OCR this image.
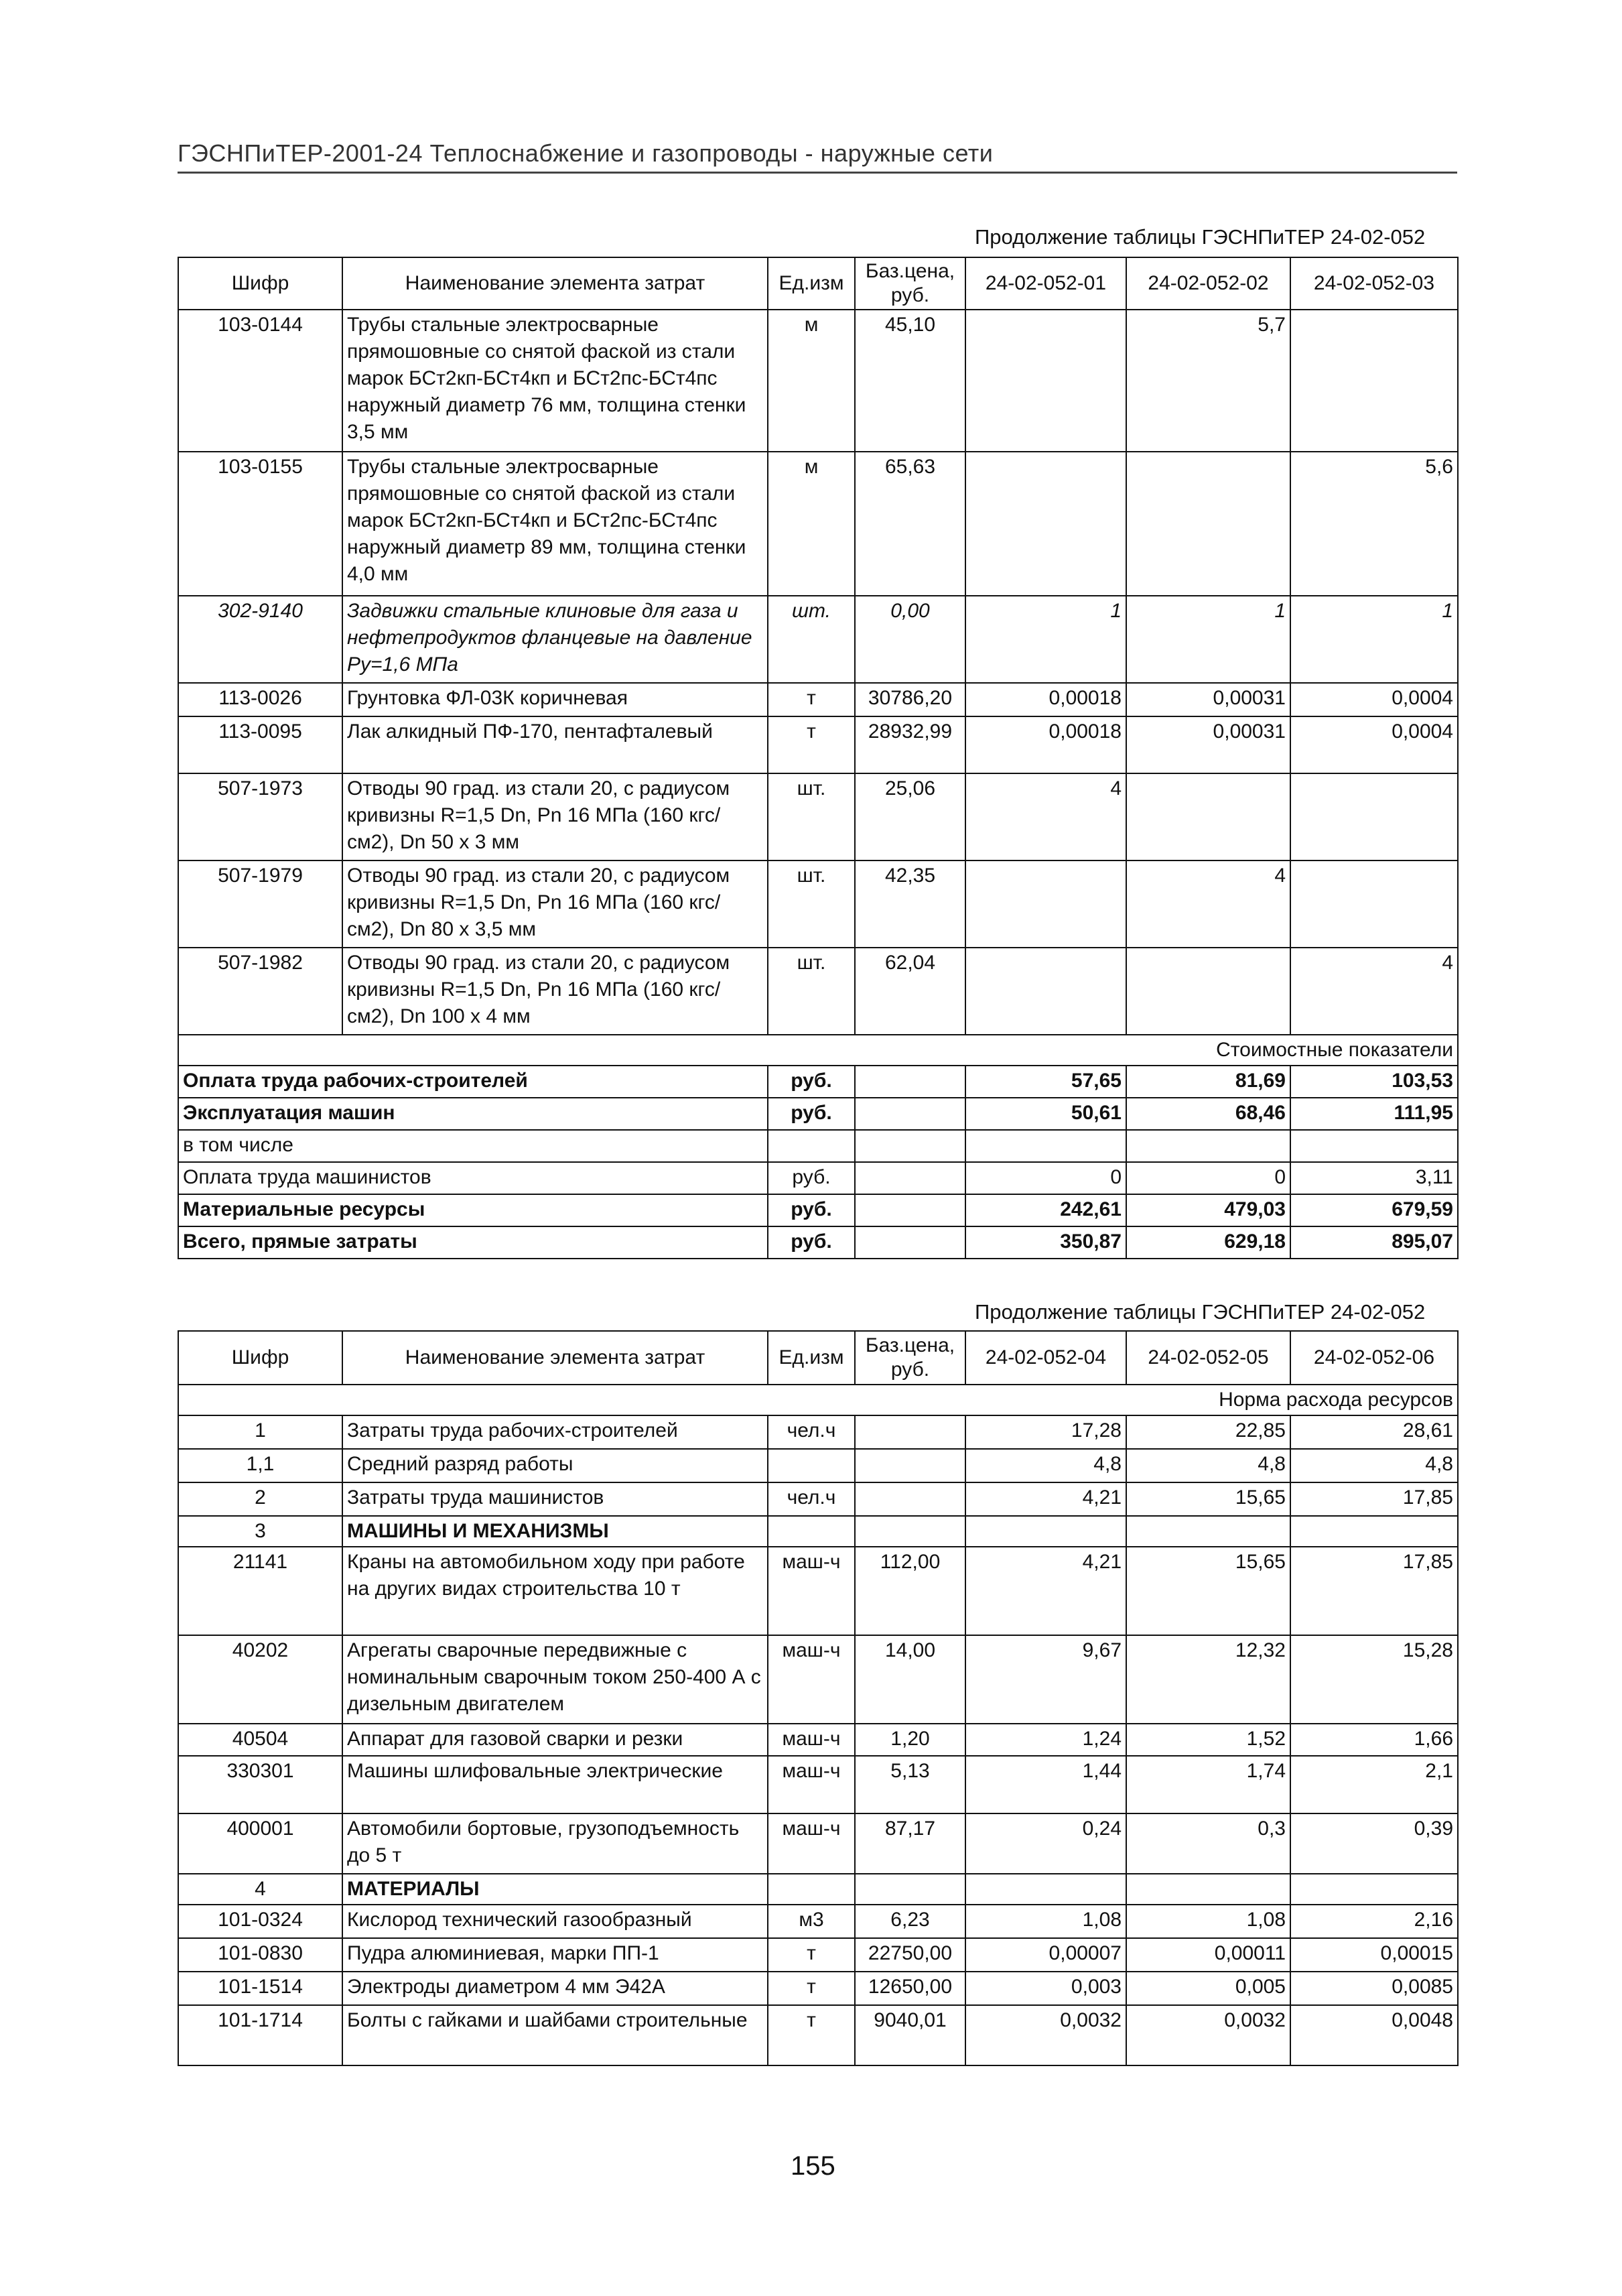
ГЭСНПиТЕР-2001-24 Теплоснабжение и газопроводы - наружные сети
Продолжение таблицы ГЭСНПиТЕР 24-02-052
Шифр	Наименование элемента затрат	Ед.изм	Баз.цена, руб.	24-02-052-01	24-02-052-02	24-02-052-03
103-0144	Трубы стальные электросварные прямошовные со снятой фаской из стали марок БСт2кп-БСт4кп и БСт2пс-БСт4пс наружный диаметр 76 мм, толщина стенки 3,5 мм	м	45,10		5,7	
103-0155	Трубы стальные электросварные прямошовные со снятой фаской из стали марок БСт2кп-БСт4кп и БСт2пс-БСт4пс наружный диаметр 89 мм, толщина стенки 4,0 мм	м	65,63			5,6
302-9140	Задвижки стальные клиновые для газа и нефтепродуктов фланцевые на давление Ру=1,6 МПа	шт.	0,00	1	1	1
113-0026	Грунтовка ФЛ-03К коричневая	т	30786,20	0,00018	0,00031	0,0004
113-0095	Лак алкидный ПФ-170, пентафталевый	т	28932,99	0,00018	0,00031	0,0004
507-1973	Отводы 90 град. из стали 20, с радиусом кривизны R=1,5 Dn, Pn 16 МПа (160 кгс/см2), Dn 50 х 3 мм	шт.	25,06	4		
507-1979	Отводы 90 град. из стали 20, с радиусом кривизны R=1,5 Dn, Pn 16 МПа (160 кгс/см2), Dn 80 х 3,5 мм	шт.	42,35		4	
507-1982	Отводы 90 град. из стали 20, с радиусом кривизны R=1,5 Dn, Pn 16 МПа (160 кгс/см2), Dn 100 х 4 мм	шт.	62,04			4
Стоимостные показатели						
Оплата труда рабочих-строителей		руб.		57,65	81,69	103,53
Эксплуатация машин		руб.		50,61	68,46	111,95
в том числе						
Оплата труда машинистов		руб.		0	0	3,11
Материальные ресурсы		руб.		242,61	479,03	679,59
Всего, прямые затраты		руб.		350,87	629,18	895,07
Продолжение таблицы ГЭСНПиТЕР 24-02-052
Шифр	Наименование элемента затрат	Ед.изм	Баз.цена, руб.	24-02-052-04	24-02-052-05	24-02-052-06
Норма расхода ресурсов						
1	Затраты труда рабочих-строителей	чел.ч		17,28	22,85	28,61
1,1	Средний разряд работы			4,8	4,8	4,8
2	Затраты труда машинистов	чел.ч		4,21	15,65	17,85
3	МАШИНЫ И МЕХАНИЗМЫ					
21141	Краны на автомобильном ходу при работе на других видах строительства 10 т	маш-ч	112,00	4,21	15,65	17,85
40202	Агрегаты сварочные передвижные с номинальным сварочным током 250-400 А с дизельным двигателем	маш-ч	14,00	9,67	12,32	15,28
40504	Аппарат для газовой сварки и резки	маш-ч	1,20	1,24	1,52	1,66
330301	Машины шлифовальные электрические	маш-ч	5,13	1,44	1,74	2,1
400001	Автомобили бортовые, грузоподъемность до 5 т	маш-ч	87,17	0,24	0,3	0,39
4	МАТЕРИАЛЫ					
101-0324	Кислород технический газообразный	м3	6,23	1,08	1,08	2,16
101-0830	Пудра алюминиевая, марки ПП-1	т	22750,00	0,00007	0,00011	0,00015
101-1514	Электроды диаметром 4 мм Э42А	т	12650,00	0,003	0,005	0,0085
101-1714	Болты с гайками и шайбами строительные	т	9040,01	0,0032	0,0032	0,0048
155
